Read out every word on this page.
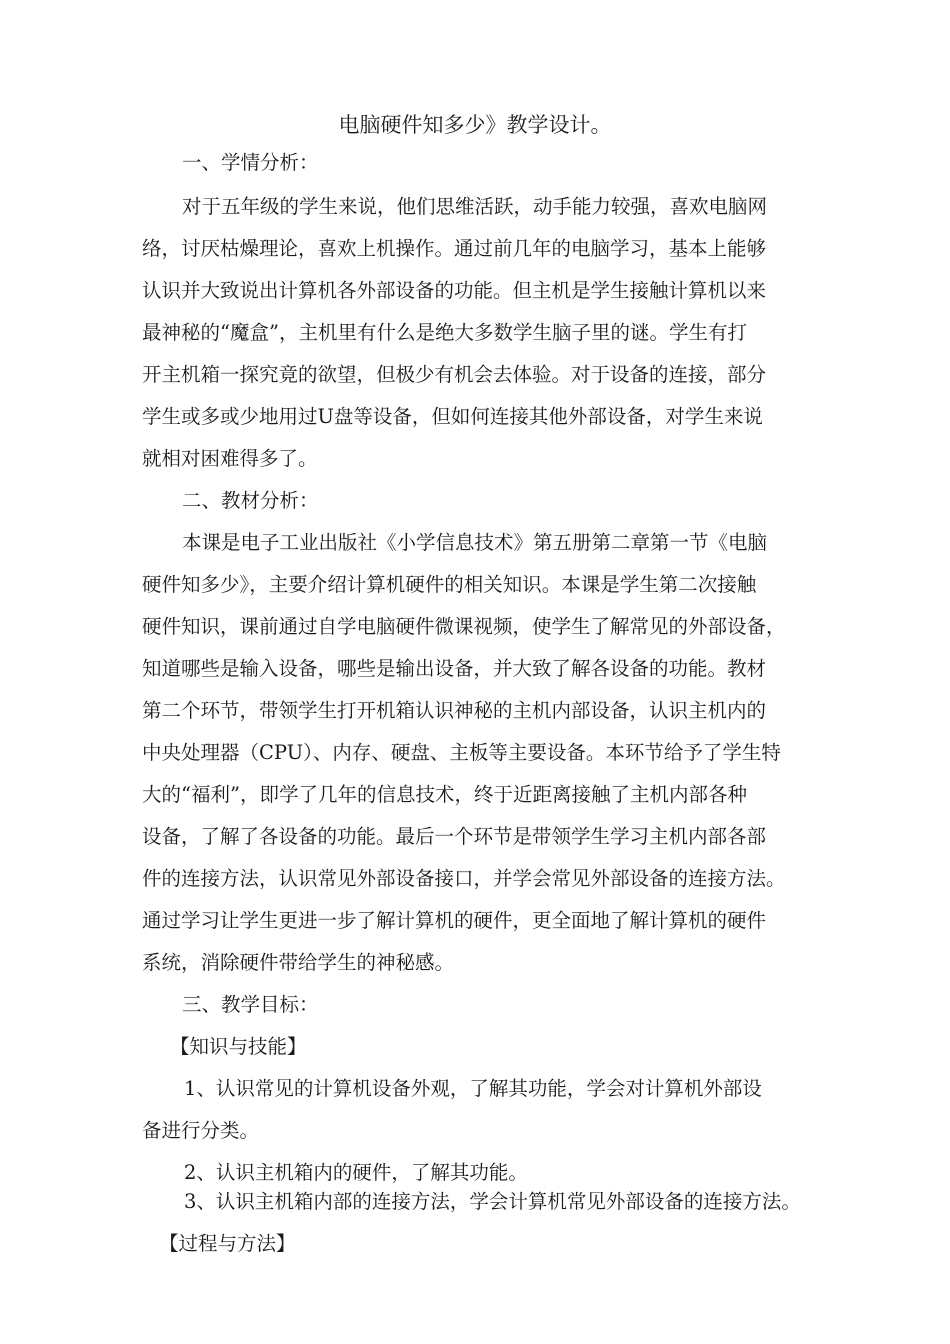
电脑硬件知多少》教学设计。
一、学情分析：
对于五年级的学生来说，他们思维活跃，动手能力较强，喜欢电脑网
络，讨厌枯燥理论，喜欢上机操作。通过前几年的电脑学习，基本上能够
认识并大致说出计算机各外部设备的功能。但主机是学生接触计算机以来
最神秘的“魔盒”，主机里有什么是绝大多数学生脑子里的谜。学生有打
开主机箱一探究竟的欲望，但极少有机会去体验。对于设备的连接，部分
学生或多或少地用过U盘等设备，但如何连接其他外部设备，对学生来说
就相对困难得多了。
二、教材分析：
本课是电子工业出版社《小学信息技术》第五册第二章第一节《电脑
硬件知多少》，主要介绍计算机硬件的相关知识。本课是学生第二次接触
硬件知识，课前通过自学电脑硬件微课视频，使学生了解常见的外部设备，
知道哪些是输入设备，哪些是输出设备，并大致了解各设备的功能。教材
第二个环节，带领学生打开机箱认识神秘的主机内部设备，认识主机内的
中央处理器（CPU）、内存、硬盘、主板等主要设备。本环节给予了学生特
大的“福利”，即学了几年的信息技术，终于近距离接触了主机内部各种
设备，了解了各设备的功能。最后一个环节是带领学生学习主机内部各部
件的连接方法，认识常见外部设备接口，并学会常见外部设备的连接方法。
通过学习让学生更进一步了解计算机的硬件，更全面地了解计算机的硬件
系统，消除硬件带给学生的神秘感。
三、教学目标：
【知识与技能】
1、认识常见的计算机设备外观，了解其功能，学会对计算机外部设
备进行分类。
2、认识主机箱内的硬件，了解其功能。
3、认识主机箱内部的连接方法，学会计算机常见外部设备的连接方法。
【过程与方法】
